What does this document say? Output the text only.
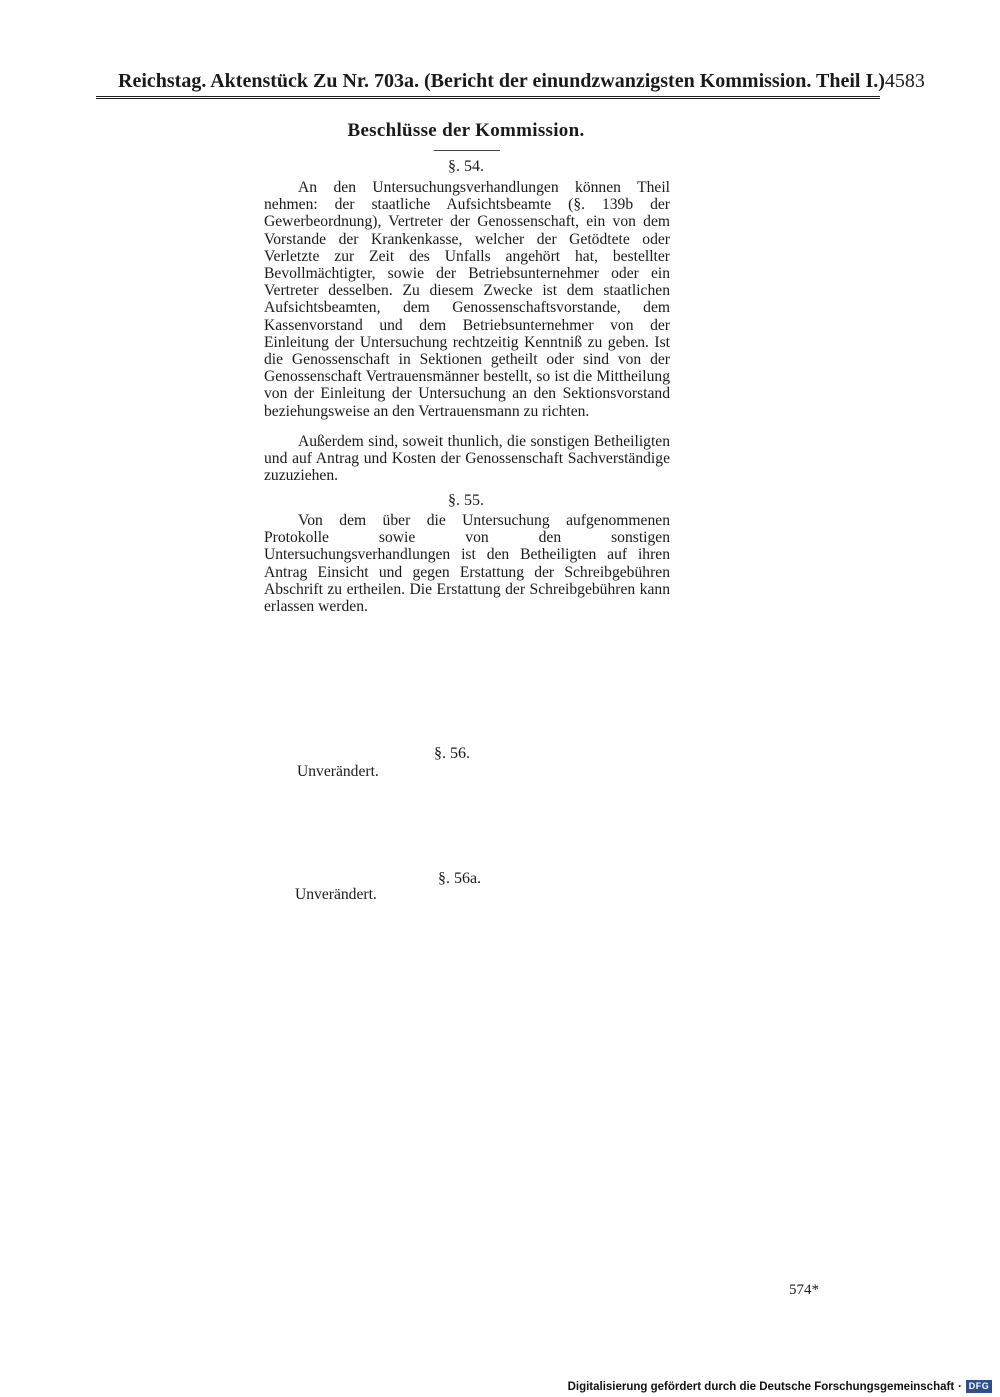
Reichstag. Aktenstück Zu Nr. 703a. (Bericht der einundzwanzigsten Kommission. Theil I.) 4583
Beschlüsse der Kommission.
§. 54.

An den Untersuchungsverhandlungen können Theil nehmen: der staatliche Aufsichtsbeamte (§. 139b der Gewerbeordnung), Vertreter der Genossenschaft, ein von dem Vorstande der Krankenkasse, welcher der Getödtete oder Verletzte zur Zeit des Unfalls angehört hat, bestellter Bevollmächtigter, sowie der Betriebsunternehmer oder ein Vertreter desselben. Zu diesem Zwecke ist dem staatlichen Aufsichtsbeamten, dem Genossenschaftsvorstande, dem Kassenvorstand und dem Betriebsunternehmer von der Einleitung der Untersuchung rechtzeitig Kenntniß zu geben. Ist die Genossenschaft in Sektionen getheilt oder sind von der Genossenschaft Vertrauensmänner bestellt, so ist die Mittheilung von der Einleitung der Untersuchung an den Sektionsvorstand beziehungsweise an den Vertrauensmann zu richten.

Außerdem sind, soweit thunlich, die sonstigen Betheiligten und auf Antrag und Kosten der Genossenschaft Sachverständige zuzuziehen.

§. 55.

Von dem über die Untersuchung aufgenommenen Protokolle sowie von den sonstigen Untersuchungsverhandlungen ist den Betheiligten auf ihren Antrag Einsicht und gegen Erstattung der Schreibgebühren Abschrift zu ertheilen. Die Erstattung der Schreibgebühren kann erlassen werden.

§. 56.
Unverändert.
§. 56a.
Unverändert.
574*
Digitalisierung gefördert durch die Deutsche Forschungsgemeinschaft · DFG
